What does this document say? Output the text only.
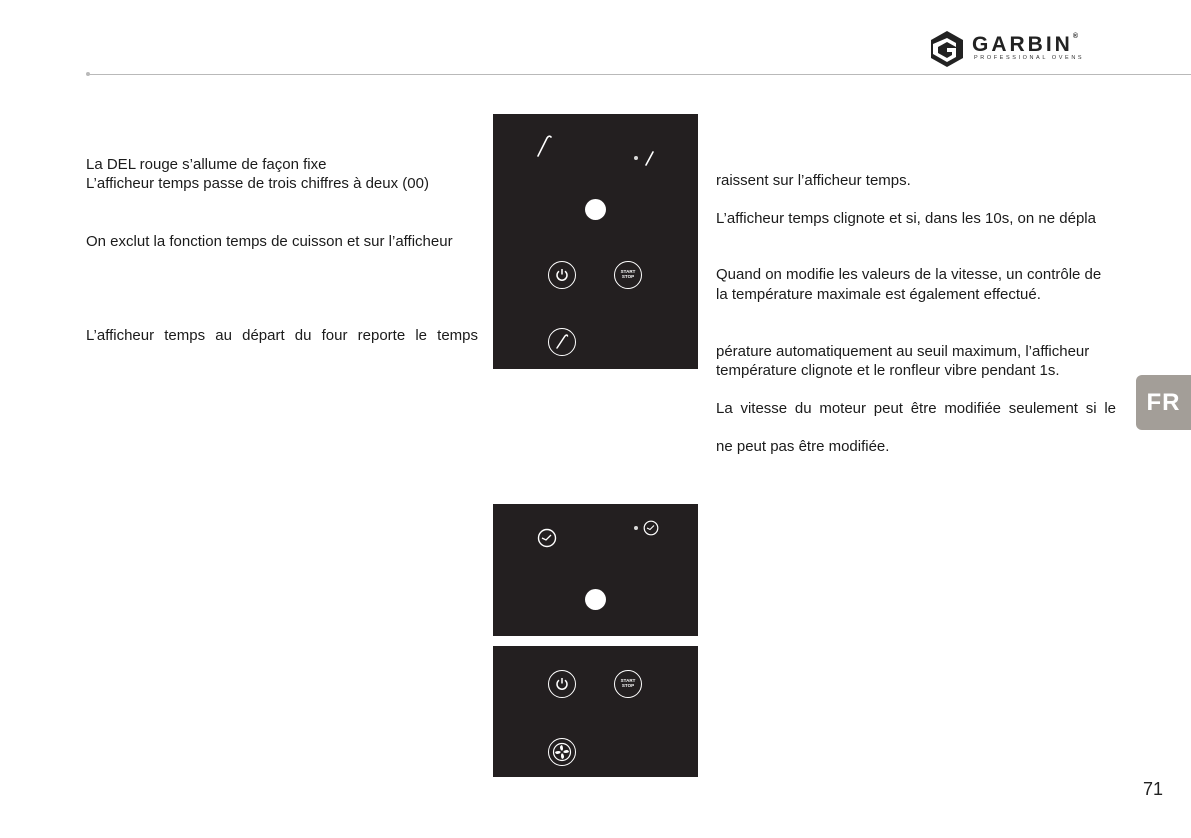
GARBIN®
PROFESSIONAL OVENS
La DEL rouge s’allume de façon fixe
L’afficheur temps passe de trois chiffres à deux (00)
On exclut la fonction temps de cuisson et sur l’afficheur
L’afficheur temps au départ du four reporte le temps
raissent sur l’afficheur temps.
L’afficheur temps clignote et si, dans les 10s, on ne dépla
Quand on modifie les valeurs de la vitesse, un contrôle de
la température maximale est également effectué.
pérature automatiquement au seuil maximum, l’afficheur
température clignote et le ronfleur vibre pendant 1s.
La vitesse du moteur peut être modifiée seulement si le
ne peut pas être modifiée.
START
STOP
START
STOP
FR
71
